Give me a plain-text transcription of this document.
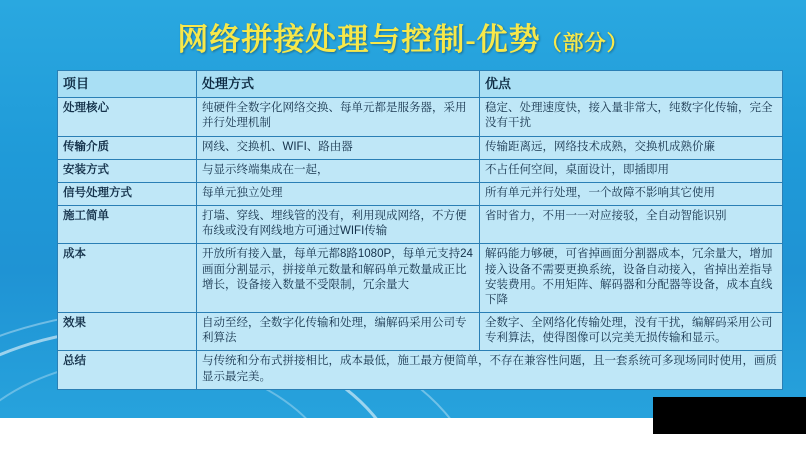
网络拼接处理与控制-优势（部分）
项目	处理方式	优点
处理核心	纯硬件全数字化网络交换、每单元都是服务器，采用并行处理机制	稳定、处理速度快，接入量非常大，纯数字化传输，完全没有干扰
传输介质	网线、交换机、WIFI、路由器	传输距离远，网络技术成熟，交换机成熟价廉
安装方式	与显示终端集成在一起，	不占任何空间，桌面设计，即插即用
信号处理方式	每单元独立处理	所有单元并行处理，一个故障不影响其它使用
施工简单	打墙、穿线、埋线管的没有，利用现成网络，不方便布线或没有网线地方可通过WIFI传输	省时省力，不用一一对应接驳，全自动智能识别
成本	开放所有接入量，每单元都8路1080P，每单元支持24画面分割显示，拼接单元数量和解码单元数量成正比增长，设备接入数量不受限制，冗余量大	解码能力够硬，可省掉画面分割器成本，冗余量大，增加接入设备不需要更换系统，设备自动接入，省掉出差指导安装费用。不用矩阵、解码器和分配器等设备，成本直线下降
效果	自动至经，全数字化传输和处理，编解码采用公司专利算法	全数字、全网络化传输处理，没有干扰，编解码采用公司专利算法，使得图像可以完美无损传输和显示。
总结	与传统和分布式拼接相比，成本最低，施工最方便简单，不存在兼容性问题，且一套系统可多现场同时使用，画质显示最完美。	
